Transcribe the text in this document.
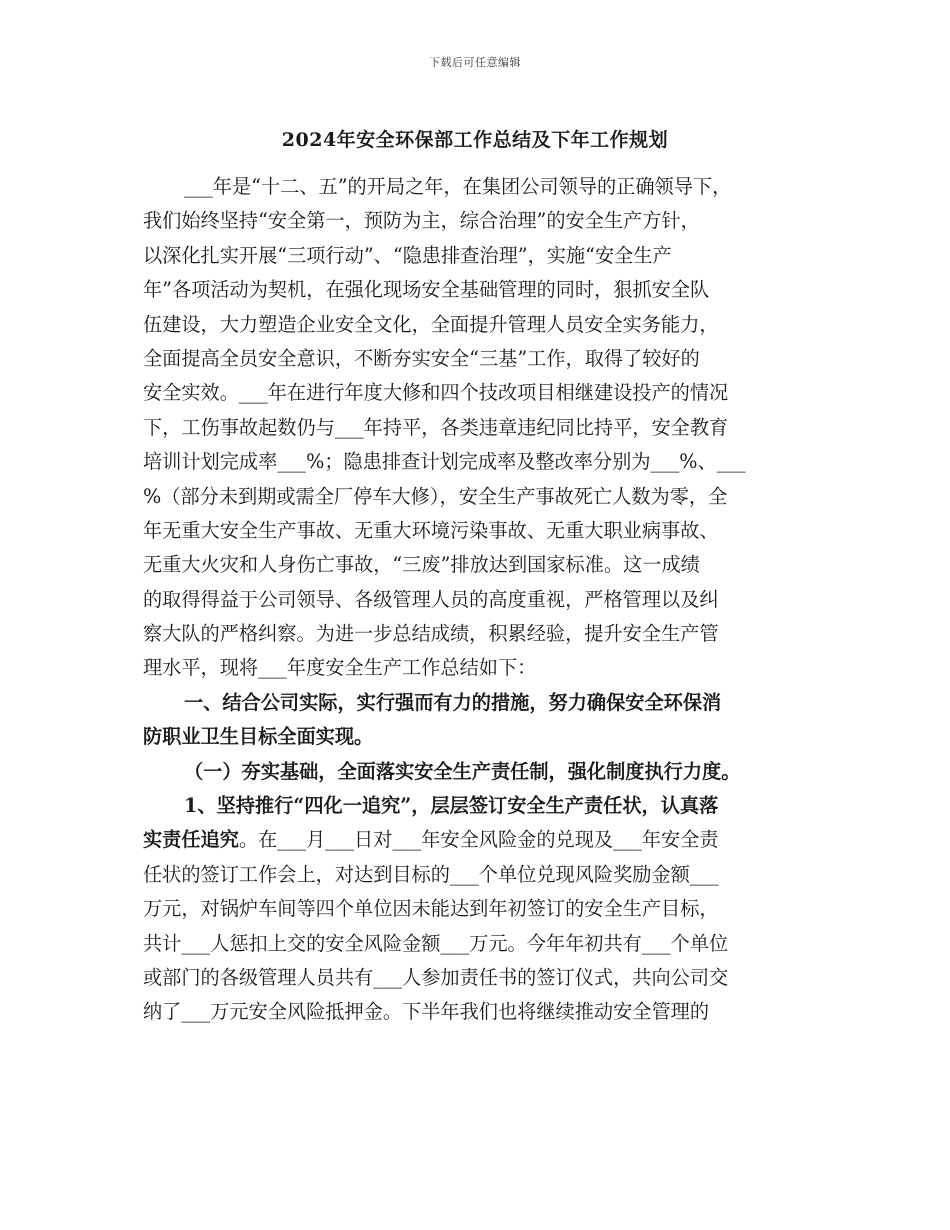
下载后可任意编辑
2024年安全环保部工作总结及下年工作规划
___年是“十二、五”的开局之年，在集团公司领导的正确领导下，
我们始终坚持“安全第一，预防为主，综合治理”的安全生产方针，
以深化扎实开展“三项行动”、“隐患排查治理”，实施“安全生产
年”各项活动为契机，在强化现场安全基础管理的同时，狠抓安全队
伍建设，大力塑造企业安全文化，全面提升管理人员安全实务能力，
全面提高全员安全意识，不断夯实安全“三基”工作，取得了较好的
安全实效。___年在进行年度大修和四个技改项目相继建设投产的情况
下，工伤事故起数仍与___年持平，各类违章违纪同比持平，安全教育
培训计划完成率___%；隐患排查计划完成率及整改率分别为___%、___
%（部分未到期或需全厂停车大修），安全生产事故死亡人数为零，全
年无重大安全生产事故、无重大环境污染事故、无重大职业病事故、
无重大火灾和人身伤亡事故，“三废”排放达到国家标准。这一成绩
的取得得益于公司领导、各级管理人员的高度重视，严格管理以及纠
察大队的严格纠察。为进一步总结成绩，积累经验，提升安全生产管
理水平，现将___年度安全生产工作总结如下：
一、结合公司实际，实行强而有力的措施，努力确保安全环保消
防职业卫生目标全面实现。
（一）夯实基础，全面落实安全生产责任制，强化制度执行力度。
1、坚持推行“四化一追究”，层层签订安全生产责任状，认真落
实责任追究。在___月___日对___年安全风险金的兑现及___年安全责
任状的签订工作会上，对达到目标的___个单位兑现风险奖励金额___
万元，对锅炉车间等四个单位因未能达到年初签订的安全生产目标，
共计___人惩扣上交的安全风险金额___万元。今年年初共有___个单位
或部门的各级管理人员共有___人参加责任书的签订仪式，共向公司交
纳了___万元安全风险抵押金。下半年我们也将继续推动安全管理的
